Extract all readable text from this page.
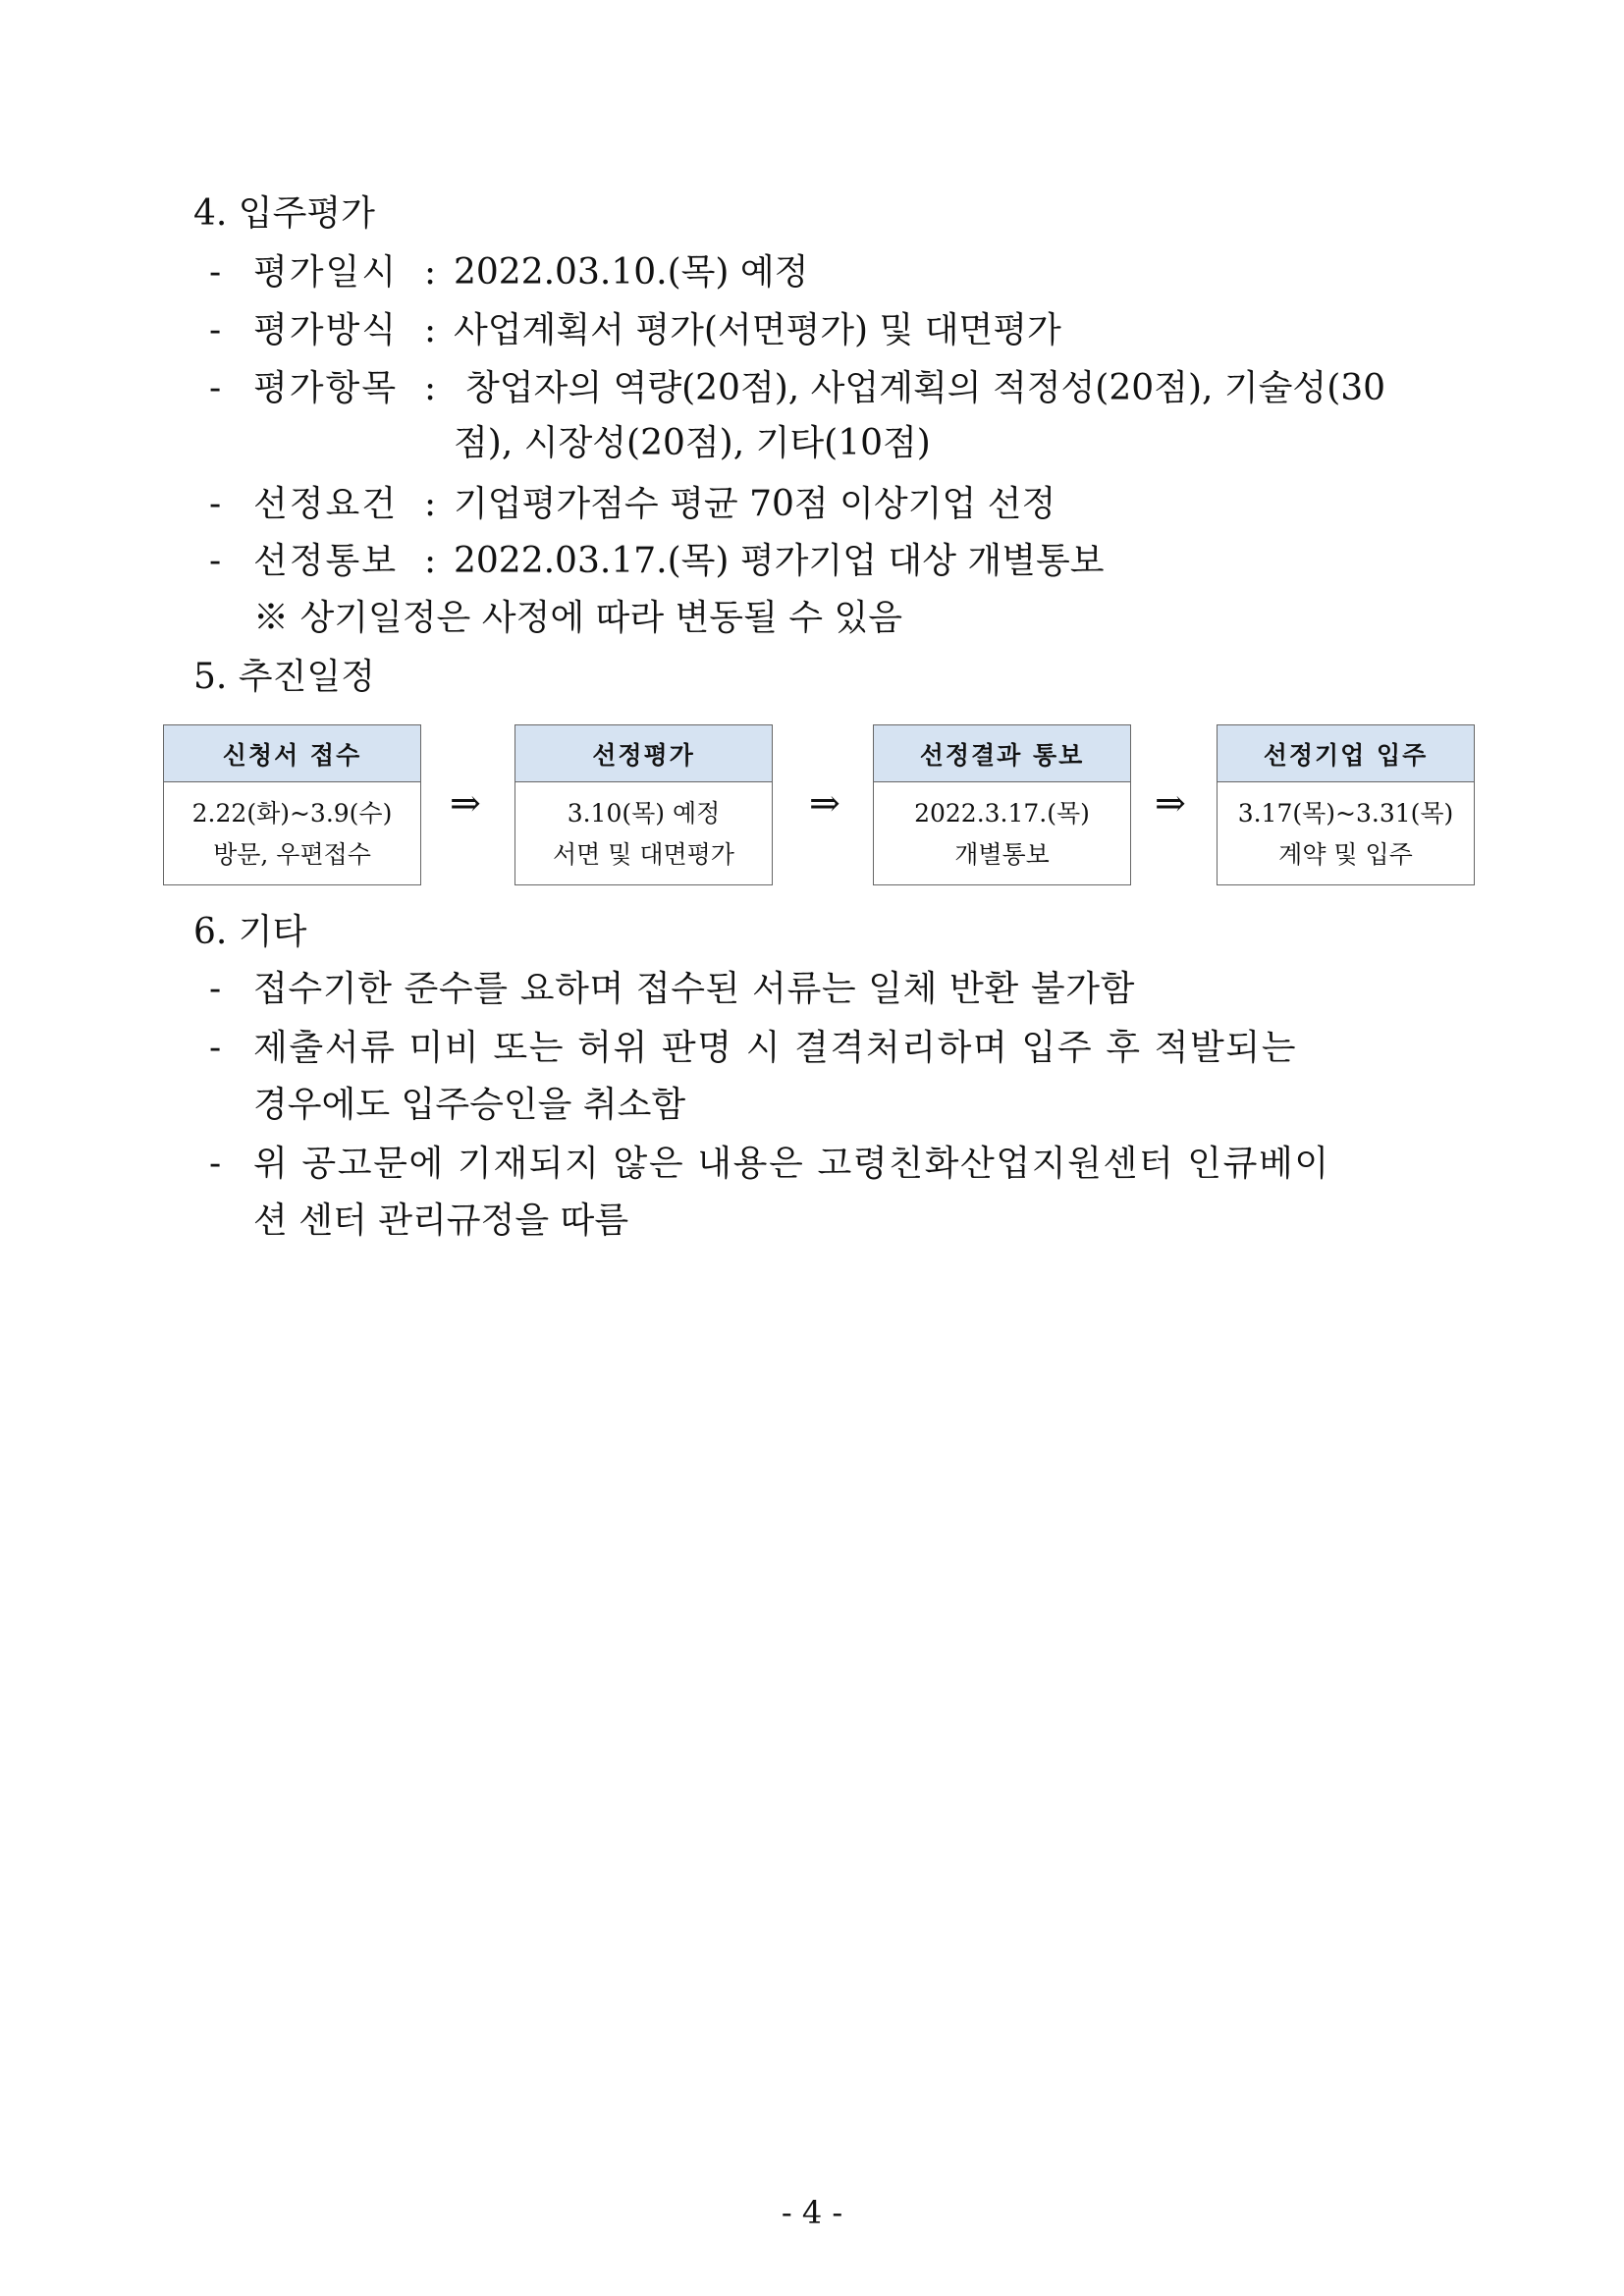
4. 입주평가
- 평가일시 : 2022.03.10.(목) 예정
- 평가방식 : 사업계획서 평가(서면평가) 및 대면평가
- 평가항목 : 창업자의 역량(20점), 사업계획의 적정성(20점), 기술성(30
점), 시장성(20점), 기타(10점)
- 선정요건 : 기업평가점수 평균 70점 이상기업 선정
- 선정통보 : 2022.03.17.(목) 평가기업 대상 개별통보
※ 상기일정은 사정에 따라 변동될 수 있음
5. 추진일정
신청서 접수
2.22(화)~3.9(수)
방문, 우편접수
⇒
선정평가
3.10(목) 예정
서면 및 대면평가
⇒
선정결과 통보
2022.3.17.(목)
개별통보
⇒
선정기업 입주
3.17(목)~3.31(목)
계약 및 입주
6. 기타
- 접수기한 준수를 요하며 접수된 서류는 일체 반환 불가함
- 제출서류 미비 또는 허위 판명 시 결격처리하며 입주 후 적발되는
경우에도 입주승인을 취소함
- 위 공고문에 기재되지 않은 내용은 고령친화산업지원센터 인큐베이
션 센터 관리규정을 따름
- 4 -
